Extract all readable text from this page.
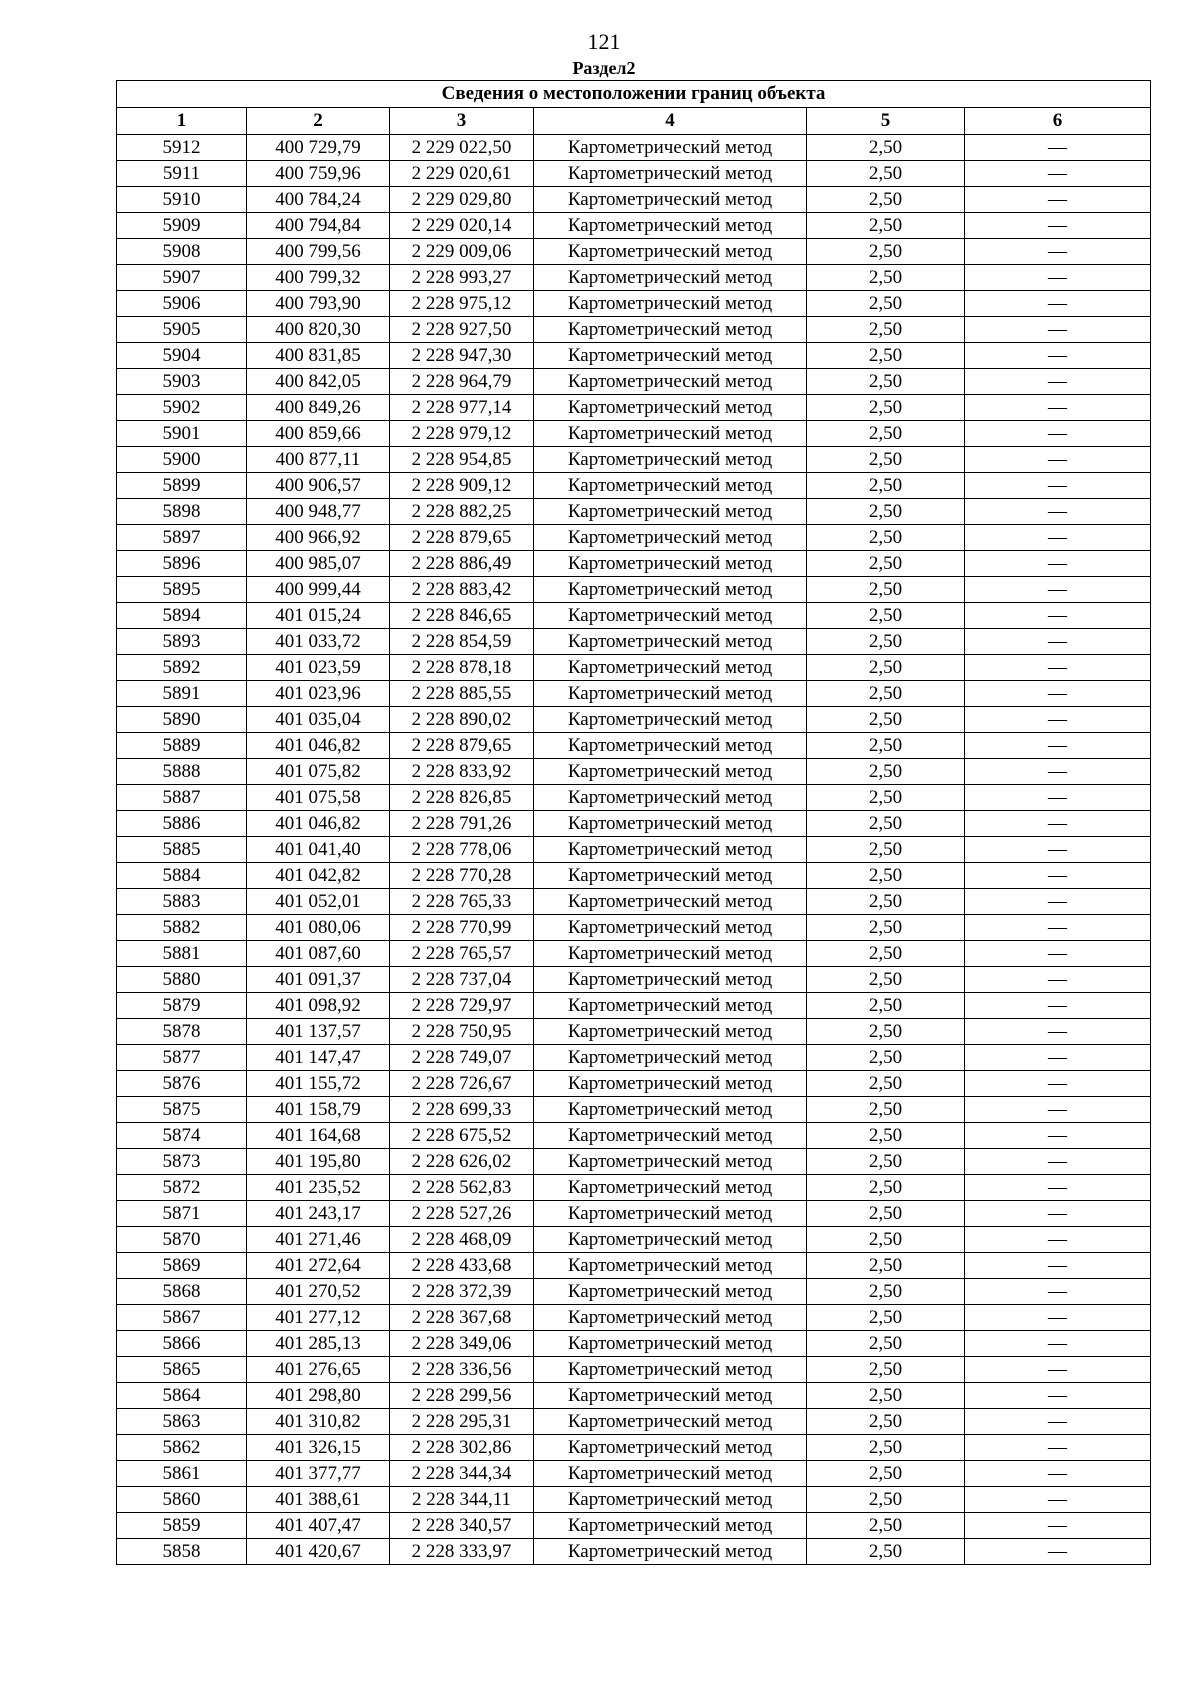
121
Раздел2
Сведения о местоположении границ объекта					
1	2	3	4	5	6
5912	400 729,79	2 229 022,50	Картометрический метод	2,50	—
5911	400 759,96	2 229 020,61	Картометрический метод	2,50	—
5910	400 784,24	2 229 029,80	Картометрический метод	2,50	—
5909	400 794,84	2 229 020,14	Картометрический метод	2,50	—
5908	400 799,56	2 229 009,06	Картометрический метод	2,50	—
5907	400 799,32	2 228 993,27	Картометрический метод	2,50	—
5906	400 793,90	2 228 975,12	Картометрический метод	2,50	—
5905	400 820,30	2 228 927,50	Картометрический метод	2,50	—
5904	400 831,85	2 228 947,30	Картометрический метод	2,50	—
5903	400 842,05	2 228 964,79	Картометрический метод	2,50	—
5902	400 849,26	2 228 977,14	Картометрический метод	2,50	—
5901	400 859,66	2 228 979,12	Картометрический метод	2,50	—
5900	400 877,11	2 228 954,85	Картометрический метод	2,50	—
5899	400 906,57	2 228 909,12	Картометрический метод	2,50	—
5898	400 948,77	2 228 882,25	Картометрический метод	2,50	—
5897	400 966,92	2 228 879,65	Картометрический метод	2,50	—
5896	400 985,07	2 228 886,49	Картометрический метод	2,50	—
5895	400 999,44	2 228 883,42	Картометрический метод	2,50	—
5894	401 015,24	2 228 846,65	Картометрический метод	2,50	—
5893	401 033,72	2 228 854,59	Картометрический метод	2,50	—
5892	401 023,59	2 228 878,18	Картометрический метод	2,50	—
5891	401 023,96	2 228 885,55	Картометрический метод	2,50	—
5890	401 035,04	2 228 890,02	Картометрический метод	2,50	—
5889	401 046,82	2 228 879,65	Картометрический метод	2,50	—
5888	401 075,82	2 228 833,92	Картометрический метод	2,50	—
5887	401 075,58	2 228 826,85	Картометрический метод	2,50	—
5886	401 046,82	2 228 791,26	Картометрический метод	2,50	—
5885	401 041,40	2 228 778,06	Картометрический метод	2,50	—
5884	401 042,82	2 228 770,28	Картометрический метод	2,50	—
5883	401 052,01	2 228 765,33	Картометрический метод	2,50	—
5882	401 080,06	2 228 770,99	Картометрический метод	2,50	—
5881	401 087,60	2 228 765,57	Картометрический метод	2,50	—
5880	401 091,37	2 228 737,04	Картометрический метод	2,50	—
5879	401 098,92	2 228 729,97	Картометрический метод	2,50	—
5878	401 137,57	2 228 750,95	Картометрический метод	2,50	—
5877	401 147,47	2 228 749,07	Картометрический метод	2,50	—
5876	401 155,72	2 228 726,67	Картометрический метод	2,50	—
5875	401 158,79	2 228 699,33	Картометрический метод	2,50	—
5874	401 164,68	2 228 675,52	Картометрический метод	2,50	—
5873	401 195,80	2 228 626,02	Картометрический метод	2,50	—
5872	401 235,52	2 228 562,83	Картометрический метод	2,50	—
5871	401 243,17	2 228 527,26	Картометрический метод	2,50	—
5870	401 271,46	2 228 468,09	Картометрический метод	2,50	—
5869	401 272,64	2 228 433,68	Картометрический метод	2,50	—
5868	401 270,52	2 228 372,39	Картометрический метод	2,50	—
5867	401 277,12	2 228 367,68	Картометрический метод	2,50	—
5866	401 285,13	2 228 349,06	Картометрический метод	2,50	—
5865	401 276,65	2 228 336,56	Картометрический метод	2,50	—
5864	401 298,80	2 228 299,56	Картометрический метод	2,50	—
5863	401 310,82	2 228 295,31	Картометрический метод	2,50	—
5862	401 326,15	2 228 302,86	Картометрический метод	2,50	—
5861	401 377,77	2 228 344,34	Картометрический метод	2,50	—
5860	401 388,61	2 228 344,11	Картометрический метод	2,50	—
5859	401 407,47	2 228 340,57	Картометрический метод	2,50	—
5858	401 420,67	2 228 333,97	Картометрический метод	2,50	—
